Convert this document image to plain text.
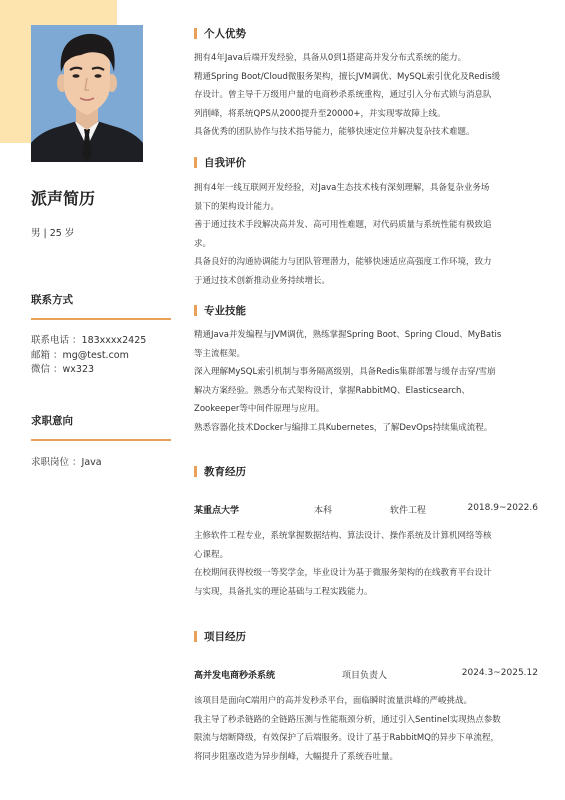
派声简历
男 | 25 岁
联系方式
联系电话 ：183xxxx2425
邮箱 ：mg@test.com
微信 ：wx323
求职意向
求职岗位 ：Java
个人优势

拥有4年Java后端开发经验，具备从0到1搭建高并发分布式系统的能力。

精通Spring Boot/Cloud微服务架构，擅长JVM调优、MySQL索引优化及Redis缓

存设计。曾主导千万级用户量的电商秒杀系统重构，通过引入分布式锁与消息队

列削峰，将系统QPS从2000提升至20000+，并实现零故障上线。

具备优秀的团队协作与技术指导能力，能够快速定位并解决复杂技术难题。

自我评价

拥有4年一线互联网开发经验，对Java生态技术栈有深刻理解，具备复杂业务场

景下的架构设计能力。

善于通过技术手段解决高并发、高可用性难题，对代码质量与系统性能有极致追

求。

具备良好的沟通协调能力与团队管理潜力，能够快速适应高强度工作环境，致力

于通过技术创新推动业务持续增长。

专业技能

精通Java并发编程与JVM调优，熟练掌握Spring Boot、Spring Cloud、MyBatis

等主流框架。

深入理解MySQL索引机制与事务隔离级别，具备Redis集群部署与缓存击穿/雪崩

解决方案经验。熟悉分布式架构设计，掌握RabbitMQ、Elasticsearch、

Zookeeper等中间件原理与应用。

熟悉容器化技术Docker与编排工具Kubernetes，了解DevOps持续集成流程。

教育经历
某重点大学	本科	软件工程	2018.9~2022.6

主修软件工程专业，系统掌握数据结构、算法设计、操作系统及计算机网络等核

心课程。

在校期间获得校级一等奖学金，毕业设计为基于微服务架构的在线教育平台设计

与实现，具备扎实的理论基础与工程实践能力。

项目经历
高并发电商秒杀系统	项目负责人	2024.3~2025.12

该项目是面向C端用户的高并发秒杀平台，面临瞬时流量洪峰的严峻挑战。

我主导了秒杀链路的全链路压测与性能瓶颈分析，通过引入Sentinel实现热点参数

限流与熔断降级，有效保护了后端服务。设计了基于RabbitMQ的异步下单流程，

将同步阻塞改造为异步削峰，大幅提升了系统吞吐量。
